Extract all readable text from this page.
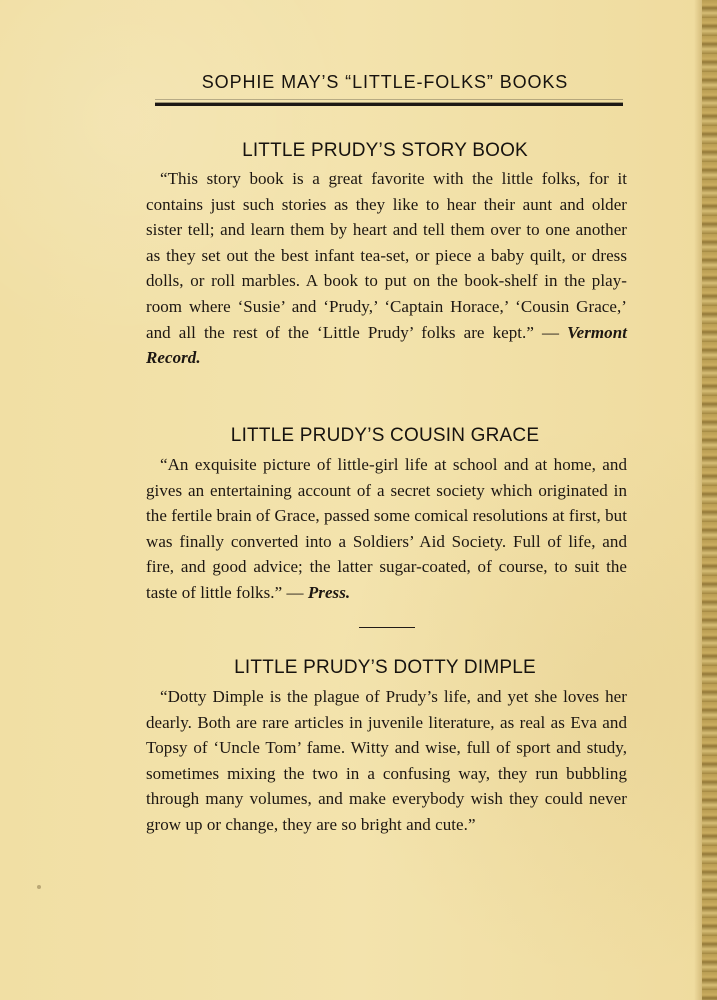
SOPHIE MAY’S “LITTLE-FOLKS” BOOKS
LITTLE PRUDY’S STORY BOOK
“This story book is a great favorite with the little folks, for it contains just such stories as they like to hear their aunt and older sister tell; and learn them by heart and tell them over to one another as they set out the best infant tea-set, or piece a baby quilt, or dress dolls, or roll marbles. A book to put on the book-shelf in the play-room where ‘Susie’ and ‘Prudy,’ ‘Captain Horace,’ ‘Cousin Grace,’ and all the rest of the ‘Little Prudy’ folks are kept.” — Vermont Record.
LITTLE PRUDY’S COUSIN GRACE
“An exquisite picture of little-girl life at school and at home, and gives an entertaining account of a secret society which originated in the fertile brain of Grace, passed some comical resolutions at first, but was finally converted into a Soldiers’ Aid Society. Full of life, and fire, and good advice; the latter sugar-coated, of course, to suit the taste of little folks.” — Press.
LITTLE PRUDY’S DOTTY DIMPLE
“Dotty Dimple is the plague of Prudy’s life, and yet she loves her dearly. Both are rare articles in juvenile literature, as real as Eva and Topsy of ‘Uncle Tom’ fame. Witty and wise, full of sport and study, sometimes mixing the two in a confusing way, they run bubbling through many volumes, and make everybody wish they could never grow up or change, they are so bright and cute.”
